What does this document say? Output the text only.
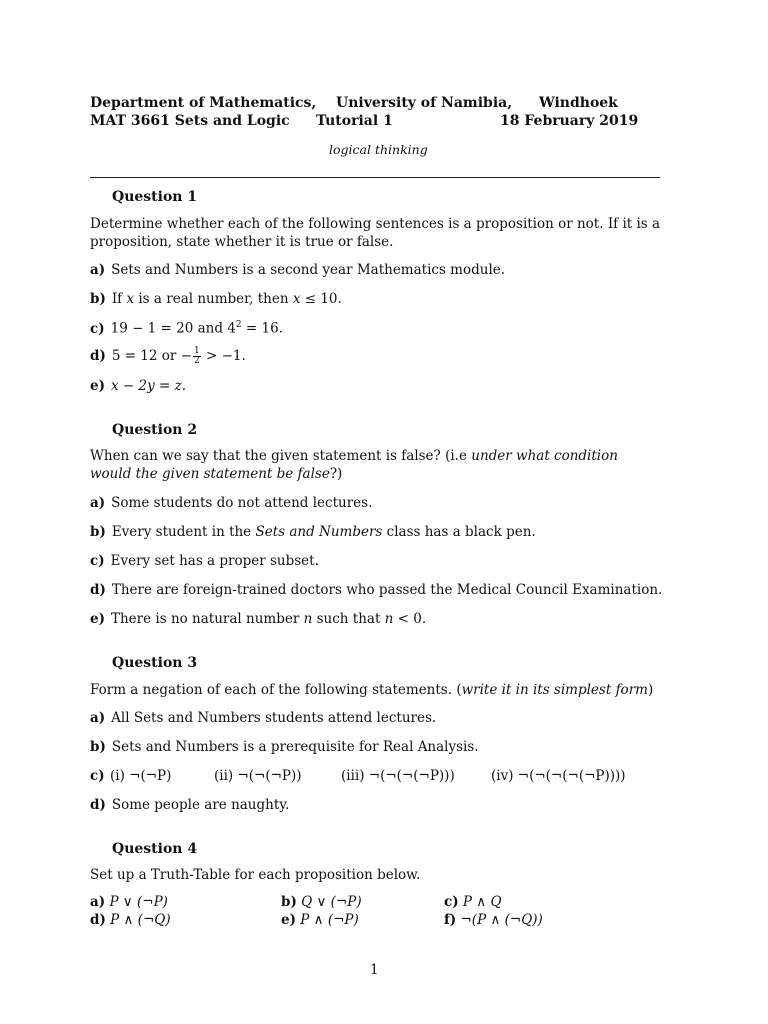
Department of Mathematics, University of Namibia, Windhoek
MAT 3661 Sets and Logic Tutorial 1	18 February 2019
logical thinking
Question 1
Determine whether each of the following sentences is a proposition or not. If it is a proposition, state whether it is true or false.
a) Sets and Numbers is a second year Mathematics module.
b) If x is a real number, then x ≤ 10.
c) 19 − 1 = 20 and $4^2 = 16$.
d) 5 = 12 or − $\frac{1}{2} > -1$.
e) x − 2y = z.
Question 2
When can we say that the given statement is false? (i.e under what condition would the given statement be false?)
a) Some students do not attend lectures.
b) Every student in the Sets and Numbers class has a black pen.
c) Every set has a proper subset.
d) There are foreign-trained doctors who passed the Medical Council Examination.
e) There is no natural number n such that n < 0.
Question 3
Form a negation of each of the following statements. (write it in its simplest form)
a) All Sets and Numbers students attend lectures.
b) Sets and Numbers is a prerequisite for Real Analysis.
c) (i) ¬(¬P)	(ii) ¬(¬(¬P))	(iii) ¬(¬(¬(¬P)))	(iv) ¬(¬(¬(¬(¬P))))
d) Some people are naughty.
Question 4
Set up a Truth-Table for each proposition below.
a) P ∨ (¬P)	b) Q ∨ (¬P)	c) P ∧ Q
d) P ∧ (¬Q)	e) P ∧ (¬P)	f) ¬(P ∧ (¬Q))
1
